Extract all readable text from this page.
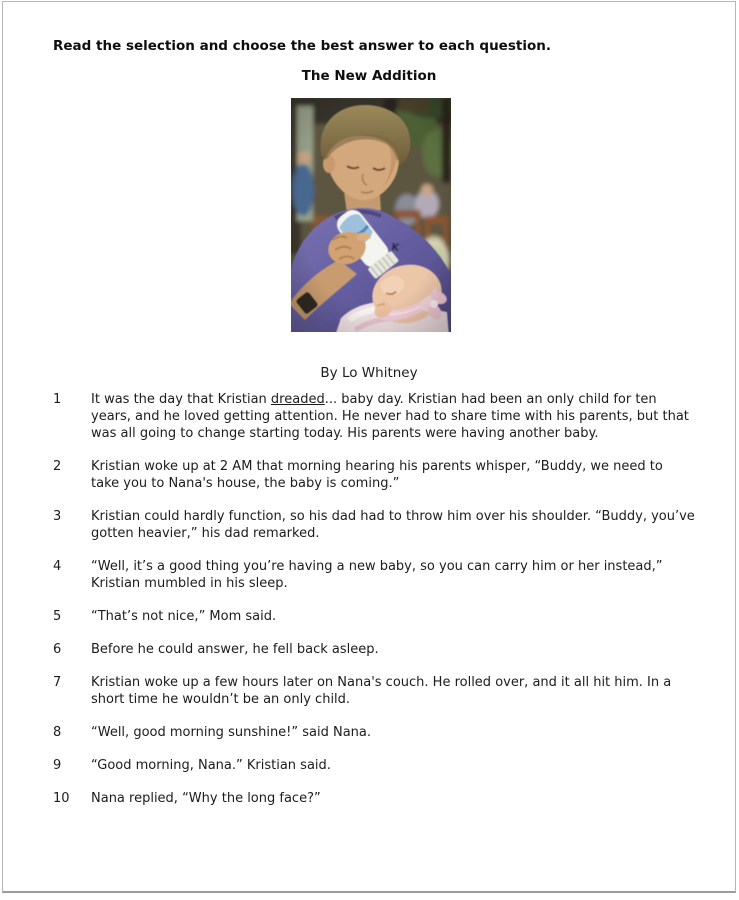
Read the selection and choose the best answer to each question.
The New Addition
By Lo Whitney
1	It was the day that Kristian dreaded... baby day. Kristian had been an only child for ten years, and he loved getting attention. He never had to share time with his parents, but that was all going to change starting today. His parents were having another baby.
2	Kristian woke up at 2 AM that morning hearing his parents whisper, “Buddy, we need to take you to Nana's house, the baby is coming.”
3	Kristian could hardly function, so his dad had to throw him over his shoulder. “Buddy, you’ve gotten heavier,” his dad remarked.
4	“Well, it’s a good thing you’re having a new baby, so you can carry him or her instead,” Kristian mumbled in his sleep.
5	“That’s not nice,” Mom said.
6	Before he could answer, he fell back asleep.
7	Kristian woke up a few hours later on Nana's couch. He rolled over, and it all hit him. In a short time he wouldn’t be an only child.
8	“Well, good morning sunshine!” said Nana.
9	“Good morning, Nana.” Kristian said.
10	Nana replied, “Why the long face?”
